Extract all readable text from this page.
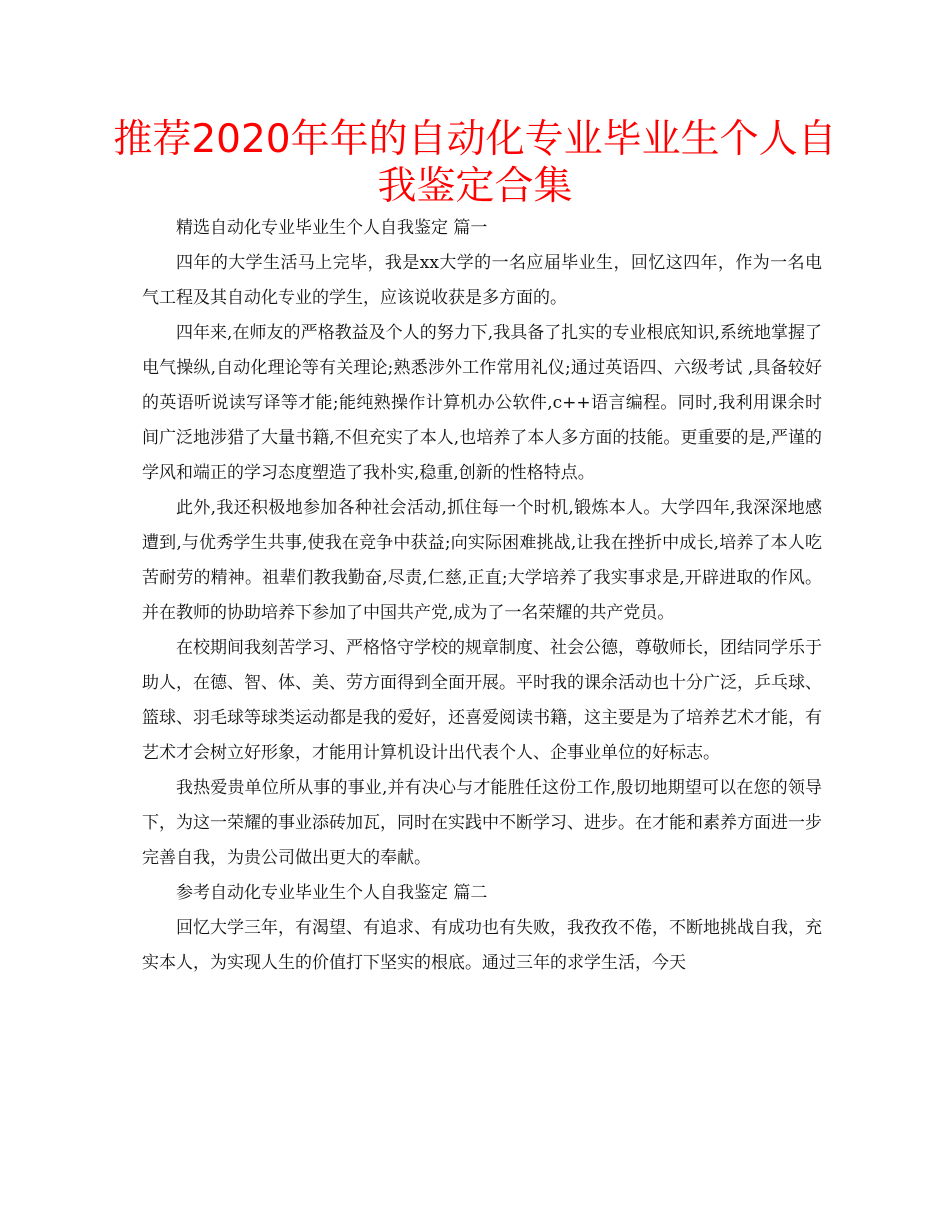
推荐2020年年的自动化专业毕业生个人自我鉴定合集

精选自动化专业毕业生个人自我鉴定 篇一

四年的大学生活马上完毕，我是xx大学的一名应届毕业生，回忆这四年，作为一名电气工程及其自动化专业的学生，应该说收获是多方面的。

四年来,在师友的严格教益及个人的努力下,我具备了扎实的专业根底知识,系统地掌握了电气操纵,自动化理论等有关理论;熟悉涉外工作常用礼仪;通过英语四、六级考试 ,具备较好的英语听说读写译等才能;能纯熟操作计算机办公软件,c++语言编程。同时,我利用课余时间广泛地涉猎了大量书籍,不但充实了本人,也培养了本人多方面的技能。更重要的是,严谨的学风和端正的学习态度塑造了我朴实,稳重,创新的性格特点。

此外,我还积极地参加各种社会活动,抓住每一个时机,锻炼本人。大学四年,我深深地感遭到,与优秀学生共事,使我在竞争中获益;向实际困难挑战,让我在挫折中成长,培养了本人吃苦耐劳的精神。祖辈们教我勤奋,尽责,仁慈,正直;大学培养了我实事求是,开辟进取的作风。并在教师的协助培养下参加了中国共产党,成为了一名荣耀的共产党员。

在校期间我刻苦学习、严格恪守学校的规章制度、社会公德，尊敬师长，团结同学乐于助人，在德、智、体、美、劳方面得到全面开展。平时我的课余活动也十分广泛，乒乓球、篮球、羽毛球等球类运动都是我的爱好，还喜爱阅读书籍，这主要是为了培养艺术才能，有艺术才会树立好形象，才能用计算机设计出代表个人、企事业单位的好标志。

我热爱贵单位所从事的事业,并有决心与才能胜任这份工作,殷切地期望可以在您的领导下，为这一荣耀的事业添砖加瓦，同时在实践中不断学习、进步。在才能和素养方面进一步完善自我，为贵公司做出更大的奉献。

参考自动化专业毕业生个人自我鉴定 篇二

回忆大学三年，有渴望、有追求、有成功也有失败，我孜孜不倦，不断地挑战自我，充实本人，为实现人生的价值打下坚实的根底。通过三年的求学生活，今天
